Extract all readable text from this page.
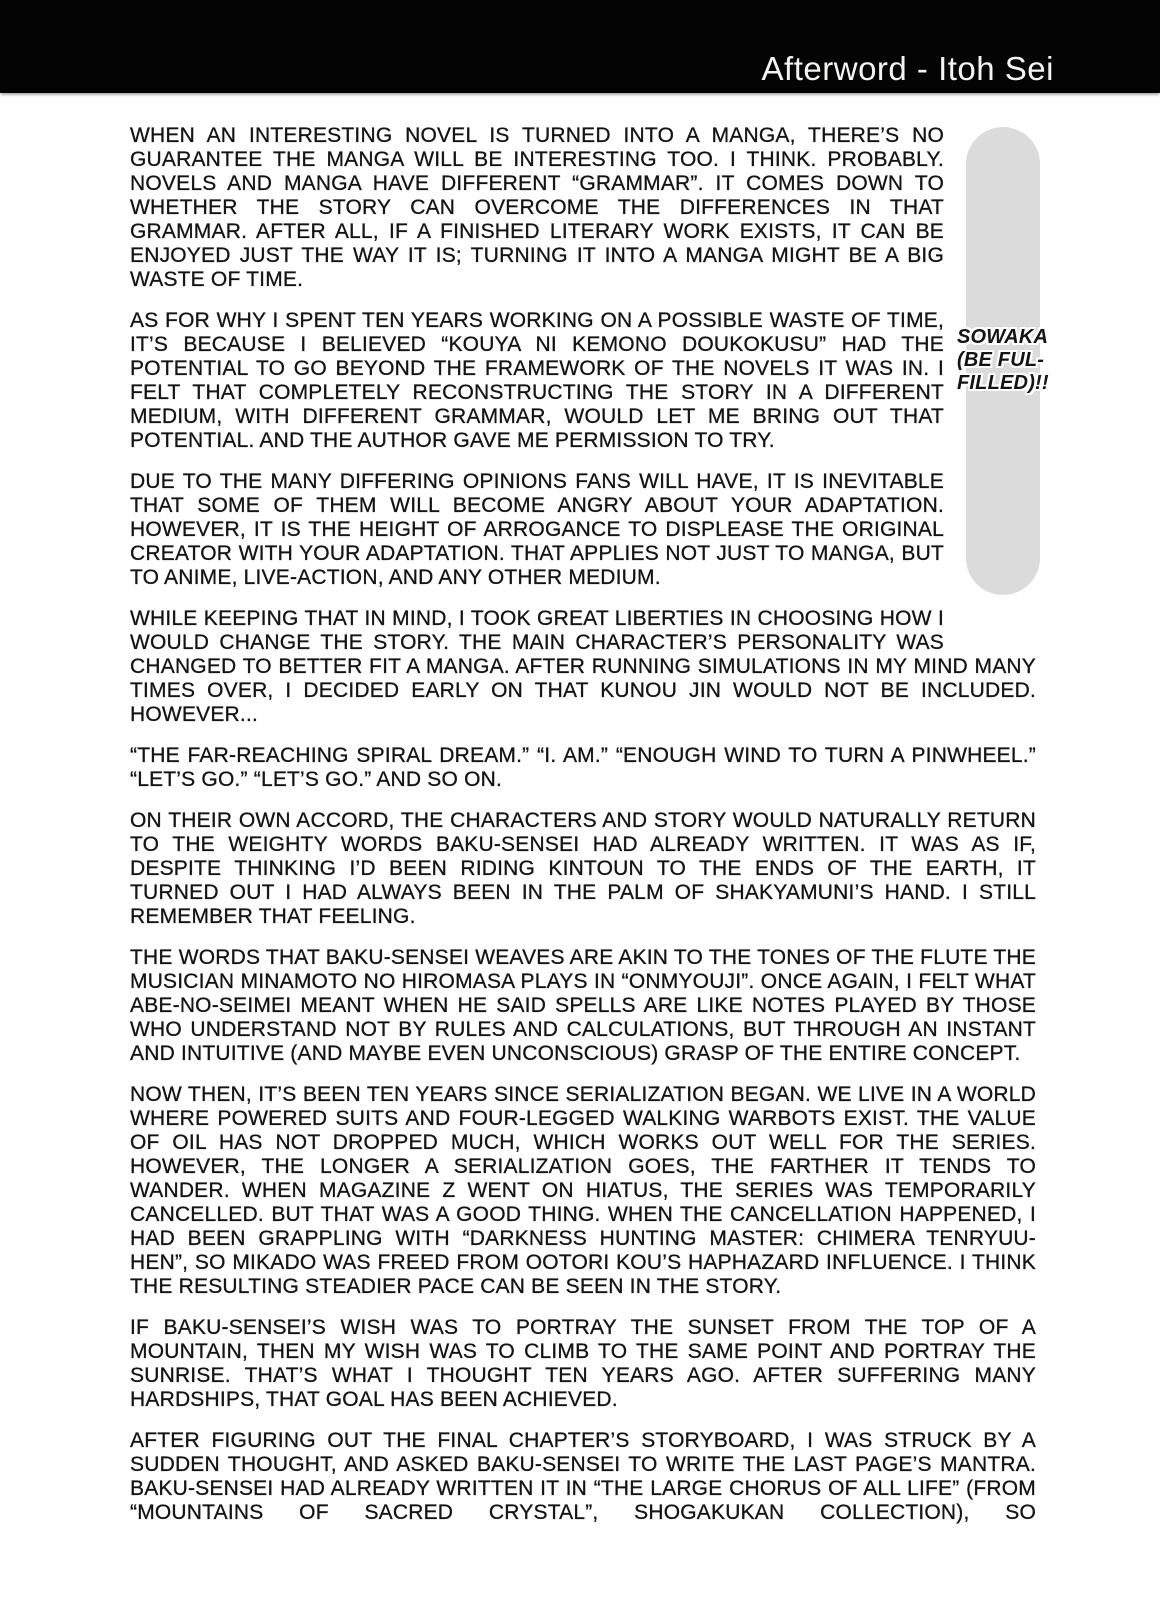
Afterword - Itoh Sei
SOWAKA
(BE FUL-
FILLED)!!

WHEN AN INTERESTING NOVEL IS TURNED INTO A MANGA, THERE’S NO GUARANTEE THE MANGA WILL BE INTERESTING TOO. I THINK. PROBABLY. NOVELS AND MANGA HAVE DIFFERENT “GRAMMAR”. IT COMES DOWN TO WHETHER THE STORY CAN OVERCOME THE DIFFERENCES IN THAT GRAMMAR. AFTER ALL, IF A FINISHED LITERARY WORK EXISTS, IT CAN BE ENJOYED JUST THE WAY IT IS; TURNING IT INTO A MANGA MIGHT BE A BIG WASTE OF TIME.

AS FOR WHY I SPENT TEN YEARS WORKING ON A POSSIBLE WASTE OF TIME, IT’S BECAUSE I BELIEVED “KOUYA NI KEMONO DOUKOKUSU” HAD THE POTENTIAL TO GO BEYOND THE FRAMEWORK OF THE NOVELS IT WAS IN. I FELT THAT COMPLETELY RECONSTRUCTING THE STORY IN A DIFFERENT MEDIUM, WITH DIFFERENT GRAMMAR, WOULD LET ME BRING OUT THAT POTENTIAL. AND THE AUTHOR GAVE ME PERMISSION TO TRY.

DUE TO THE MANY DIFFERING OPINIONS FANS WILL HAVE, IT IS INEVITABLE THAT SOME OF THEM WILL BECOME ANGRY ABOUT YOUR ADAPTATION. HOWEVER, IT IS THE HEIGHT OF ARROGANCE TO DISPLEASE THE ORIGINAL CREATOR WITH YOUR ADAPTATION. THAT APPLIES NOT JUST TO MANGA, BUT TO ANIME, LIVE-ACTION, AND ANY OTHER MEDIUM.

WHILE KEEPING THAT IN MIND, I TOOK GREAT LIBERTIES IN CHOOSING HOW I WOULD CHANGE THE STORY. THE MAIN CHARACTER’S PERSONALITY WAS CHANGED TO BETTER FIT A MANGA. AFTER RUNNING SIMULATIONS IN MY MIND MANY TIMES OVER, I DECIDED EARLY ON THAT KUNOU JIN WOULD NOT BE INCLUDED. HOWEVER...

“THE FAR-REACHING SPIRAL DREAM.” “I. AM.” “ENOUGH WIND TO TURN A PINWHEEL.” “LET’S GO.” “LET’S GO.” AND SO ON.

ON THEIR OWN ACCORD, THE CHARACTERS AND STORY WOULD NATURALLY RETURN TO THE WEIGHTY WORDS BAKU-SENSEI HAD ALREADY WRITTEN. IT WAS AS IF, DESPITE THINKING I’D BEEN RIDING KINTOUN TO THE ENDS OF THE EARTH, IT TURNED OUT I HAD ALWAYS BEEN IN THE PALM OF SHAKYAMUNI’S HAND. I STILL REMEMBER THAT FEELING.

THE WORDS THAT BAKU-SENSEI WEAVES ARE AKIN TO THE TONES OF THE FLUTE THE MUSICIAN MINAMOTO NO HIROMASA PLAYS IN “ONMYOUJI”. ONCE AGAIN, I FELT WHAT ABE-NO-SEIMEI MEANT WHEN HE SAID SPELLS ARE LIKE NOTES PLAYED BY THOSE WHO UNDERSTAND NOT BY RULES AND CALCULATIONS, BUT THROUGH AN INSTANT AND INTUITIVE (AND MAYBE EVEN UNCONSCIOUS) GRASP OF THE ENTIRE CONCEPT.

NOW THEN, IT’S BEEN TEN YEARS SINCE SERIALIZATION BEGAN. WE LIVE IN A WORLD WHERE POWERED SUITS AND FOUR-LEGGED WALKING WARBOTS EXIST. THE VALUE OF OIL HAS NOT DROPPED MUCH, WHICH WORKS OUT WELL FOR THE SERIES. HOWEVER, THE LONGER A SERIALIZATION GOES, THE FARTHER IT TENDS TO WANDER. WHEN MAGAZINE Z WENT ON HIATUS, THE SERIES WAS TEMPORARILY CANCELLED. BUT THAT WAS A GOOD THING. WHEN THE CANCELLATION HAPPENED, I HAD BEEN GRAPPLING WITH “DARKNESS HUNTING MASTER: CHIMERA TENRYUU-HEN”, SO MIKADO WAS FREED FROM OOTORI KOU’S HAPHAZARD INFLUENCE. I THINK THE RESULTING STEADIER PACE CAN BE SEEN IN THE STORY.

IF BAKU-SENSEI’S WISH WAS TO PORTRAY THE SUNSET FROM THE TOP OF A MOUNTAIN, THEN MY WISH WAS TO CLIMB TO THE SAME POINT AND PORTRAY THE SUNRISE. THAT’S WHAT I THOUGHT TEN YEARS AGO. AFTER SUFFERING MANY HARDSHIPS, THAT GOAL HAS BEEN ACHIEVED.

AFTER FIGURING OUT THE FINAL CHAPTER’S STORYBOARD, I WAS STRUCK BY A SUDDEN THOUGHT, AND ASKED BAKU-SENSEI TO WRITE THE LAST PAGE’S MANTRA. BAKU-SENSEI HAD ALREADY WRITTEN IT IN “THE LARGE CHORUS OF ALL LIFE” (FROM “MOUNTAINS OF SACRED CRYSTAL”, SHOGAKUKAN COLLECTION), SO
